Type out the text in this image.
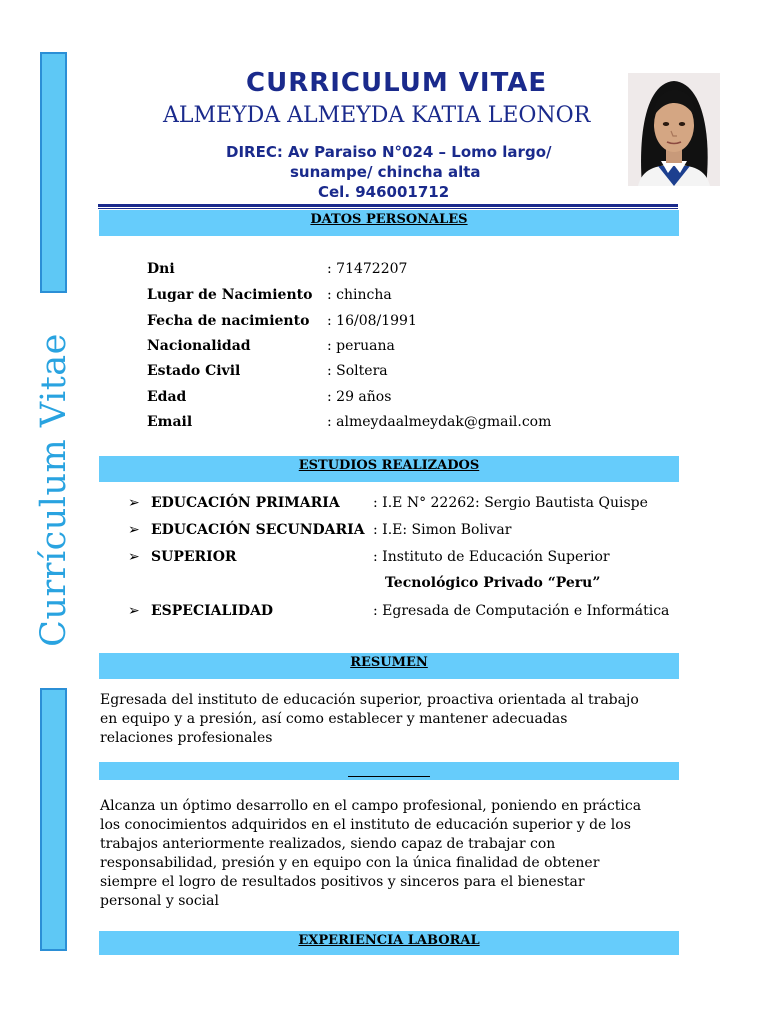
Currículum Vitae
CURRICULUM VITAE
ALMEYDA ALMEYDA KATIA LEONOR
DIREC: Av Paraiso N°024 – Lomo largo/
sunampe/ chincha alta
Cel. 946001712
DATOS PERSONALES
Dni	: 71472207
Lugar de Nacimiento : chincha
Fecha de nacimiento : 16/08/1991
Nacionalidad	: peruana
Estado Civil	: Soltera
Edad	: 29 años
Email	: almeydaalmeydak@gmail.com
ESTUDIOS REALIZADOS
➢ EDUCACIÓN PRIMARIA : I.E N° 22262: Sergio Bautista Quispe
➢ EDUCACIÓN SECUNDARIA : I.E: Simon Bolivar
➢ SUPERIOR	: Instituto de Educación Superior
Tecnológico Privado “Peru”
➢ ESPECIALIDAD	: Egresada de Computación e Informática
RESUMEN
Egresada del instituto de educación superior, proactiva orientada al trabajo
en equipo y a presión, así como establecer y mantener adecuadas
relaciones profesionales
Alcanza un óptimo desarrollo en el campo profesional, poniendo en práctica
los conocimientos adquiridos en el instituto de educación superior y de los
trabajos anteriormente realizados, siendo capaz de trabajar con
responsabilidad, presión y en equipo con la única finalidad de obtener
siempre el logro de resultados positivos y sinceros para el bienestar
personal y social
EXPERIENCIA LABORAL
